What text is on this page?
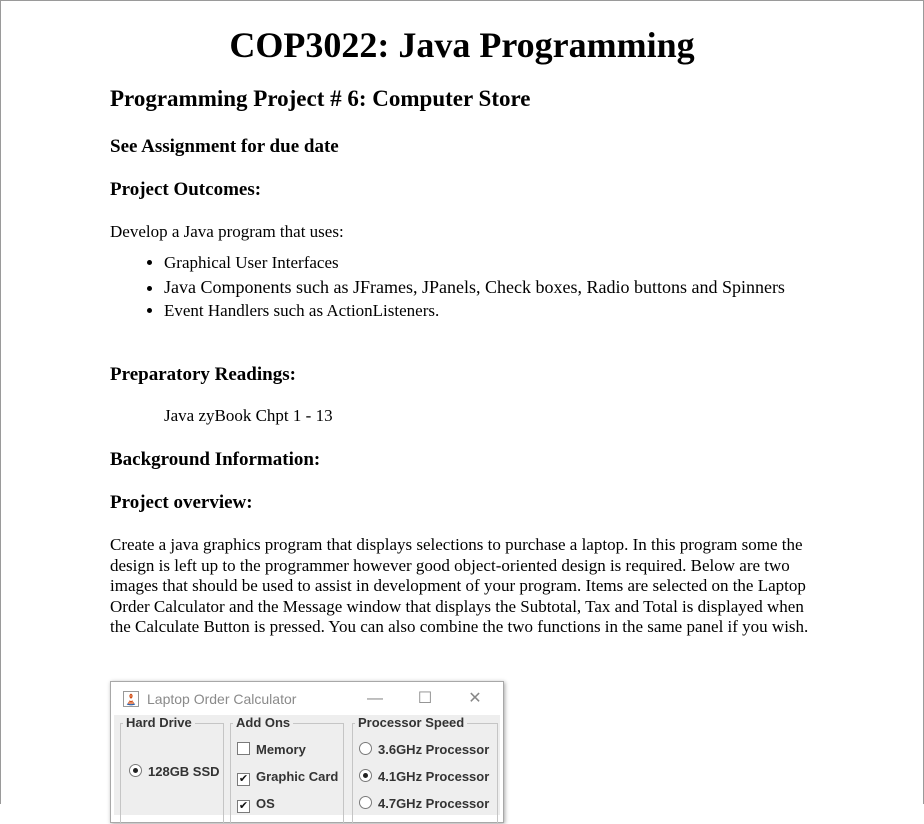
COP3022: Java Programming
Programming Project # 6: Computer Store
See Assignment for due date
Project Outcomes:
Develop a Java program that uses:
• Graphical User Interfaces
• Java Components such as JFrames, JPanels, Check boxes, Radio buttons and Spinners
• Event Handlers such as ActionListeners.
Preparatory Readings:
Java zyBook Chpt 1 - 13
Background Information:
Project overview:
Create a java graphics program that displays selections to purchase a laptop. In this program some the design is left up to the programmer however good object-oriented design is required. Below are two images that should be used to assist in development of your program. Items are selected on the Laptop Order Calculator and the Message window that displays the Subtotal, Tax and Total is displayed when the Calculate Button is pressed. You can also combine the two functions in the same panel if you wish.
Laptop Order Calculator	—	☐	✕
Hard Drive
128GB SSD
Add Ons
Memory
✔ Graphic Card
✔ OS
Processor Speed
3.6GHz Processor
4.1GHz Processor
4.7GHz Processor
